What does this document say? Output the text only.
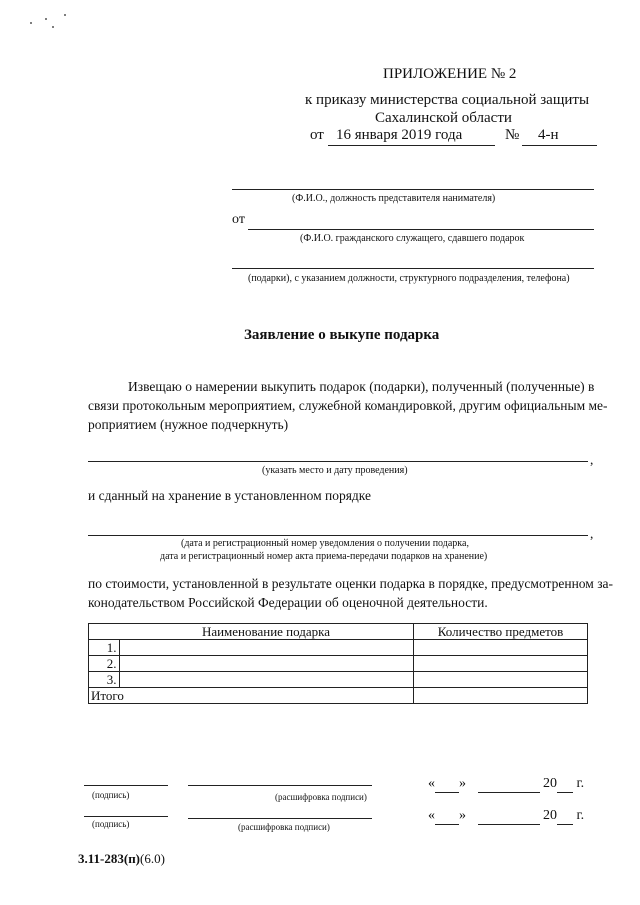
ПРИЛОЖЕНИЕ № 2
к приказу министерства социальной защиты
Сахалинской области
от 16 января 2019 года	№ 4-н
(Ф.И.О., должность представителя нанимателя)
от
(Ф.И.О. гражданского служащего, сдавшего подарок
(подарки), с указанием должности, структурного подразделения, телефона)
Заявление о выкупе подарка
Извещаю о намерении выкупить подарок (подарки), полученный (полученные) в
связи протокольным мероприятием, служебной командировкой, другим официальным ме-
роприятием (нужное подчеркнуть)
,
(указать место и дату проведения)
и сданный на хранение в установленном порядке
,
(дата и регистрационный номер уведомления о получении подарка,
дата и регистрационный номер акта приема-передачи подарков на хранение)
по стоимости, установленной в результате оценки подарка в порядке, предусмотренном за-
конодательством Российской Федерации об оценочной деятельности.
	Наименование подарка	Количество предметов
1.		
2.		
3.		
Итого		
(подпись)	(расшифровка подписи)
« »	20 г.
(подпись)	(расшифровка подписи)
« »	20 г.
3.11-283(п)(6.0)
